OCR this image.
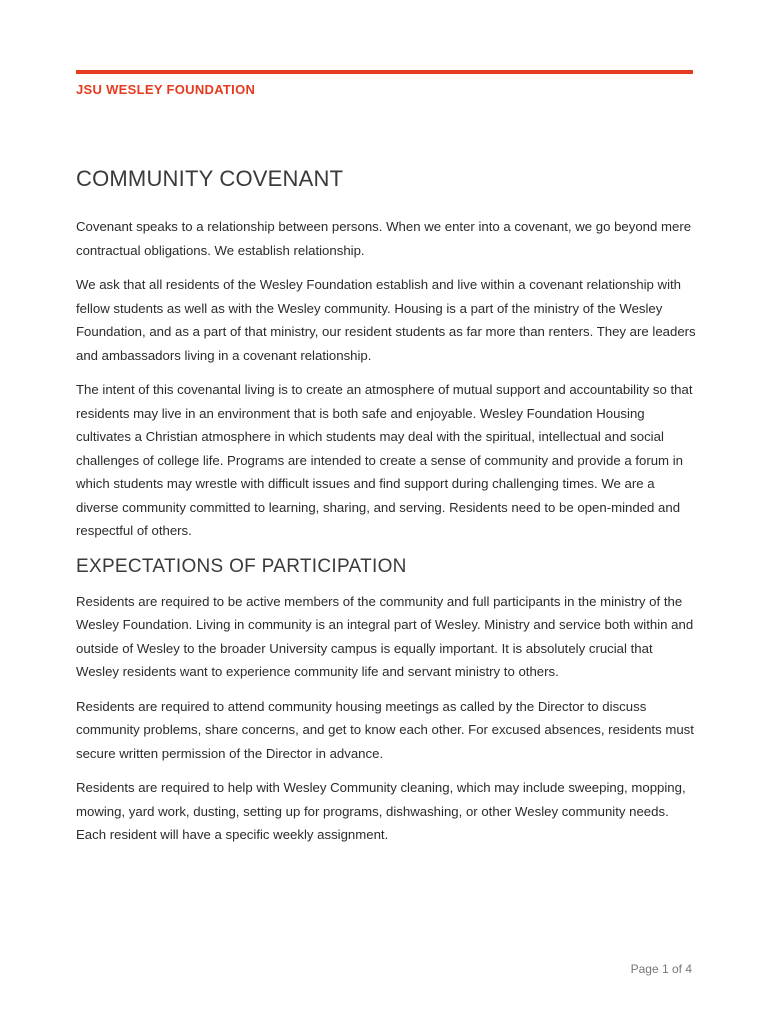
JSU WESLEY FOUNDATION
COMMUNITY COVENANT

Covenant speaks to a relationship between persons. When we enter into a covenant, we go beyond mere contractual obligations. We establish relationship.

We ask that all residents of the Wesley Foundation establish and live within a covenant relationship with fellow students as well as with the Wesley community. Housing is a part of the ministry of the Wesley Foundation, and as a part of that ministry, our resident students as far more than renters. They are leaders and ambassadors living in a covenant relationship.

The intent of this covenantal living is to create an atmosphere of mutual support and accountability so that residents may live in an environment that is both safe and enjoyable. Wesley Foundation Housing cultivates a Christian atmosphere in which students may deal with the spiritual, intellectual and social challenges of college life. Programs are intended to create a sense of community and provide a forum in which students may wrestle with difficult issues and find support during challenging times. We are a diverse community committed to learning, sharing, and serving. Residents need to be open-minded and respectful of others.

EXPECTATIONS OF PARTICIPATION

Residents are required to be active members of the community and full participants in the ministry of the Wesley Foundation. Living in community is an integral part of Wesley. Ministry and service both within and outside of Wesley to the broader University campus is equally important. It is absolutely crucial that Wesley residents want to experience community life and servant ministry to others.

Residents are required to attend community housing meetings as called by the Director to discuss community problems, share concerns, and get to know each other. For excused absences, residents must secure written permission of the Director in advance.

Residents are required to help with Wesley Community cleaning, which may include sweeping, mopping, mowing, yard work, dusting, setting up for programs, dishwashing, or other Wesley community needs. Each resident will have a specific weekly assignment.

Page 1 of 4
